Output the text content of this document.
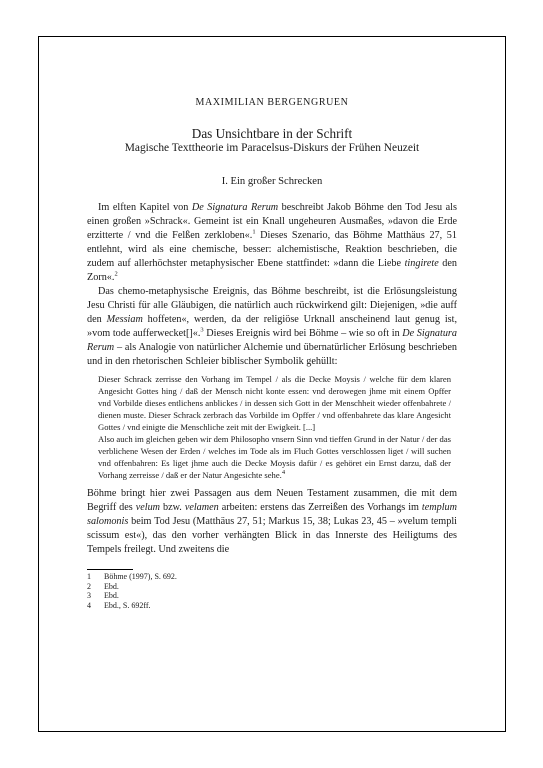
MAXIMILIAN BERGENGRUEN
Das Unsichtbare in der Schrift
Magische Texttheorie im Paracelsus-Diskurs der Frühen Neuzeit
I. Ein großer Schrecken

Im elften Kapitel von De Signatura Rerum beschreibt Jakob Böhme den Tod Jesu als einen großen »Schrack«. Gemeint ist ein Knall ungeheuren Ausmaßes, »davon die Erde erzitterte / vnd die Felßen zerkloben«.$^1$ Dieses Szenario, das Böhme Matthäus 27, 51 entlehnt, wird als eine chemische, besser: alchemistische, Reaktion beschrieben, die zudem auf allerhöchster metaphysischer Ebene stattfindet: »dann die Liebe tingirete den Zorn«.$^2$

Das chemo-metaphysische Ereignis, das Böhme beschreibt, ist die Erlösungsleistung Jesu Christi für alle Gläubigen, die natürlich auch rückwirkend gilt: Diejenigen, »die auff den Messiam hoffeten«, werden, da der religiöse Urknall anscheinend laut genug ist, »vom tode aufferwecket[]«.$^3$ Dieses Ereignis wird bei Böhme – wie so oft in De Signatura Rerum – als Analogie von natürlicher Alchemie und übernatürlicher Erlösung beschrieben und in den rhetorischen Schleier biblischer Symbolik gehüllt:

Dieser Schrack zerrisse den Vorhang im Tempel / als die Decke Moysis / welche für dem klaren Angesicht Gottes hing / daß der Mensch nicht konte essen: vnd derowegen jhme mit einem Opffer vnd Vorbilde dieses entlichens anblickes / in dessen sich Gott in der Menschheit wieder offenbahrete / dienen muste. Dieser Schrack zerbrach das Vorbilde im Opffer / vnd offenbahrete das klare Angesicht Gottes / vnd einigte die Menschliche zeit mit der Ewigkeit. [...]

Also auch im gleichen geben wir dem Philosopho vnsern Sinn vnd tieffen Grund in der Natur / der das verblichene Wesen der Erden / welches im Tode als im Fluch Gottes verschlossen liget / will suchen vnd offenbahren: Es liget jhme auch die Decke Moysis dafür / es gehöret ein Ernst darzu, daß der Vorhang zerreisse / daß er der Natur Angesichte sehe.$^4$

Böhme bringt hier zwei Passagen aus dem Neuen Testament zusammen, die mit dem Begriff des velum bzw. velamen arbeiten: erstens das Zerreißen des Vorhangs im templum salomonis beim Tod Jesu (Matthäus 27, 51; Markus 15, 38; Lukas 23, 45 – »velum templi scissum est«), das den vorher verhängten Blick in das Innerste des Heiligtums des Tempels freilegt. Und zweitens die

1	Böhme (1997), S. 692.
2	Ebd.
3	Ebd.
4	Ebd., S. 692ff.
